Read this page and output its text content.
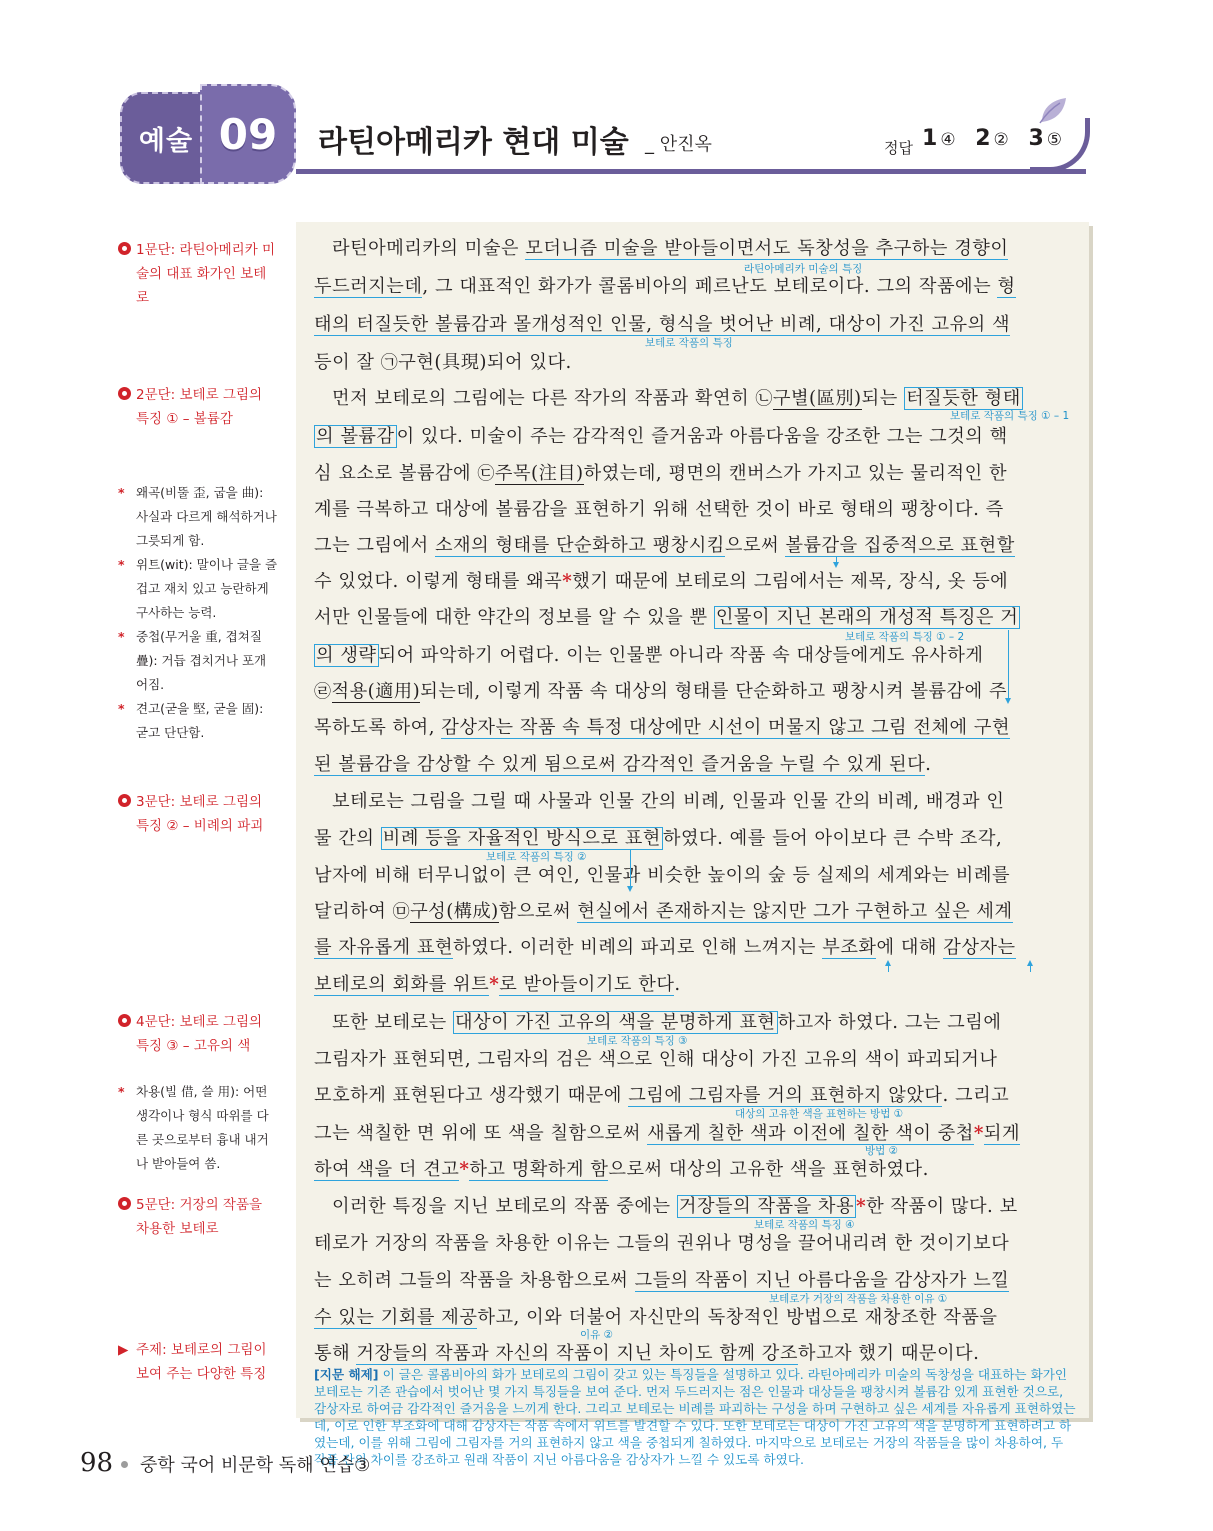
예술 09 라틴아메리카 현대 미술 _ 안진옥	정답 1 ④ 2 ② 3 ⑤
1문단: 라틴아메리카 미술의 대표 화가인 보테로
2문단: 보테로 그림의 특징 ① – 볼륨감
* 왜곡(비뚤 歪, 굽을 曲): 사실과 다르게 해석하거나 그릇되게 함.
* 위트(wit): 말이나 글을 즐겁고 재치 있고 능란하게 구사하는 능력.
* 중첩(무거울 重, 겹쳐질 疊): 거듭 겹치거나 포개어짐.
* 견고(굳을 堅, 굳을 固): 굳고 단단함.
3문단: 보테로 그림의 특징 ② – 비례의 파괴
4문단: 보테로 그림의 특징 ③ – 고유의 색
* 차용(빌 借, 쓸 用): 어떤 생각이나 형식 따위를 다른 곳으로부터 흉내 내거나 받아들여 씀.
5문단: 거장의 작품을 차용한 보테로
▶ 주제: 보테로의 그림이 보여 주는 다양한 특징
라틴아메리카의 미술은 모더니즘 미술을 받아들이면서도 독창성을 추구하는 경향이
두드러지는데, 그 대표적인 화가가 콜롬비아의 페르난도 보테로이다. 그의 작품에는 형
태의 터질듯한 볼륨감과 몰개성적인 인물, 형식을 벗어난 비례, 대상이 가진 고유의 색
등이 잘 ㉠구현(具現)되어 있다.
먼저 보테로의 그림에는 다른 작가의 작품과 확연히 ㉡구별(區別)되는 터질듯한 형태
의 볼륨감 이 있다. 미술이 주는 감각적인 즐거움과 아름다움을 강조한 그는 그것의 핵
심 요소로 볼륨감에 ㉢주목(注目)하였는데, 평면의 캔버스가 가지고 있는 물리적인 한
계를 극복하고 대상에 볼륨감을 표현하기 위해 선택한 것이 바로 형태의 팽창이다. 즉
그는 그림에서 소재의 형태를 단순화하고 팽창시킴으로써 볼륨감을 집중적으로 표현할
수 있었다. 이렇게 형태를 왜곡*했기 때문에 보테로의 그림에서는 제목, 장식, 옷 등에
서만 인물들에 대한 약간의 정보를 알 수 있을 뿐 인물이 지닌 본래의 개성적 특징은 거
의 생략 되어 파악하기 어렵다. 이는 인물뿐 아니라 작품 속 대상들에게도 유사하게
㉣적용(適用)되는데, 이렇게 작품 속 대상의 형태를 단순화하고 팽창시켜 볼륨감에 주
목하도록 하여, 감상자는 작품 속 특정 대상에만 시선이 머물지 않고 그림 전체에 구현
된 볼륨감을 감상할 수 있게 됨으로써 감각적인 즐거움을 누릴 수 있게 된다.
보테로는 그림을 그릴 때 사물과 인물 간의 비례, 인물과 인물 간의 비례, 배경과 인
물 간의 비례 등을 자율적인 방식으로 표현 하였다. 예를 들어 아이보다 큰 수박 조각,
남자에 비해 터무니없이 큰 여인, 인물과 비슷한 높이의 숲 등 실제의 세계와는 비례를
달리하여 ㉤구성(構成)함으로써 현실에서 존재하지는 않지만 그가 구현하고 싶은 세계
를 자유롭게 표현하였다. 이러한 비례의 파괴로 인해 느껴지는 부조화에 대해 감상자는
보테로의 회화를 위트*로 받아들이기도 한다.
또한 보테로는 대상이 가진 고유의 색을 분명하게 표현 하고자 하였다. 그는 그림에
그림자가 표현되면, 그림자의 검은 색으로 인해 대상이 가진 고유의 색이 파괴되거나
모호하게 표현된다고 생각했기 때문에 그림에 그림자를 거의 표현하지 않았다. 그리고
그는 색칠한 면 위에 또 색을 칠함으로써 새롭게 칠한 색과 이전에 칠한 색이 중첩*되게
하여 색을 더 견고*하고 명확하게 함으로써 대상의 고유한 색을 표현하였다.
이러한 특징을 지닌 보테로의 작품 중에는 거장들의 작품을 차용 *한 작품이 많다. 보
테로가 거장의 작품을 차용한 이유는 그들의 권위나 명성을 끌어내리려 한 것이기보다
는 오히려 그들의 작품을 차용함으로써 그들의 작품이 지닌 아름다움을 감상자가 느낄
수 있는 기회를 제공하고, 이와 더불어 자신만의 독창적인 방법으로 재창조한 작품을
통해 거장들의 작품과 자신의 작품이 지닌 차이도 함께 강조하고자 했기 때문이다.
라틴아메리카 미술의 특징
보테로 작품의 특징
보테로 작품의 특징 ① – 1
보테로 작품의 특징 ① – 2
보테로 작품의 특징 ②
보테로 작품의 특징 ③
대상의 고유한 색을 표현하는 방법 ①
방법 ②
보테로 작품의 특징 ④
보테로가 거장의 작품을 차용한 이유 ①
이유 ②
[지문 해제] 이 글은 콜롬비아의 화가 보테로의 그림이 갖고 있는 특징들을 설명하고 있다. 라틴아메리카 미술의 독창성을 대표하는 화가인 보테로는 기존 관습에서 벗어난 몇 가지 특징들을 보여 준다. 먼저 두드러지는 점은 인물과 대상들을 팽창시켜 볼륨감 있게 표현한 것으로, 감상자로 하여금 감각적인 즐거움을 느끼게 한다. 그리고 보테로는 비례를 파괴하는 구성을 하며 구현하고 싶은 세계를 자유롭게 표현하였는데, 이로 인한 부조화에 대해 감상자는 작품 속에서 위트를 발견할 수 있다. 또한 보테로는 대상이 가진 고유의 색을 분명하게 표현하려고 하였는데, 이를 위해 그림에 그림자를 거의 표현하지 않고 색을 중첩되게 칠하였다. 마지막으로 보테로는 거장의 작품들을 많이 차용하여, 두 작품 간의 차이를 강조하고 원래 작품이 지닌 아름다움을 감상자가 느낄 수 있도록 하였다.
98 중학 국어 비문학 독해 연습③
